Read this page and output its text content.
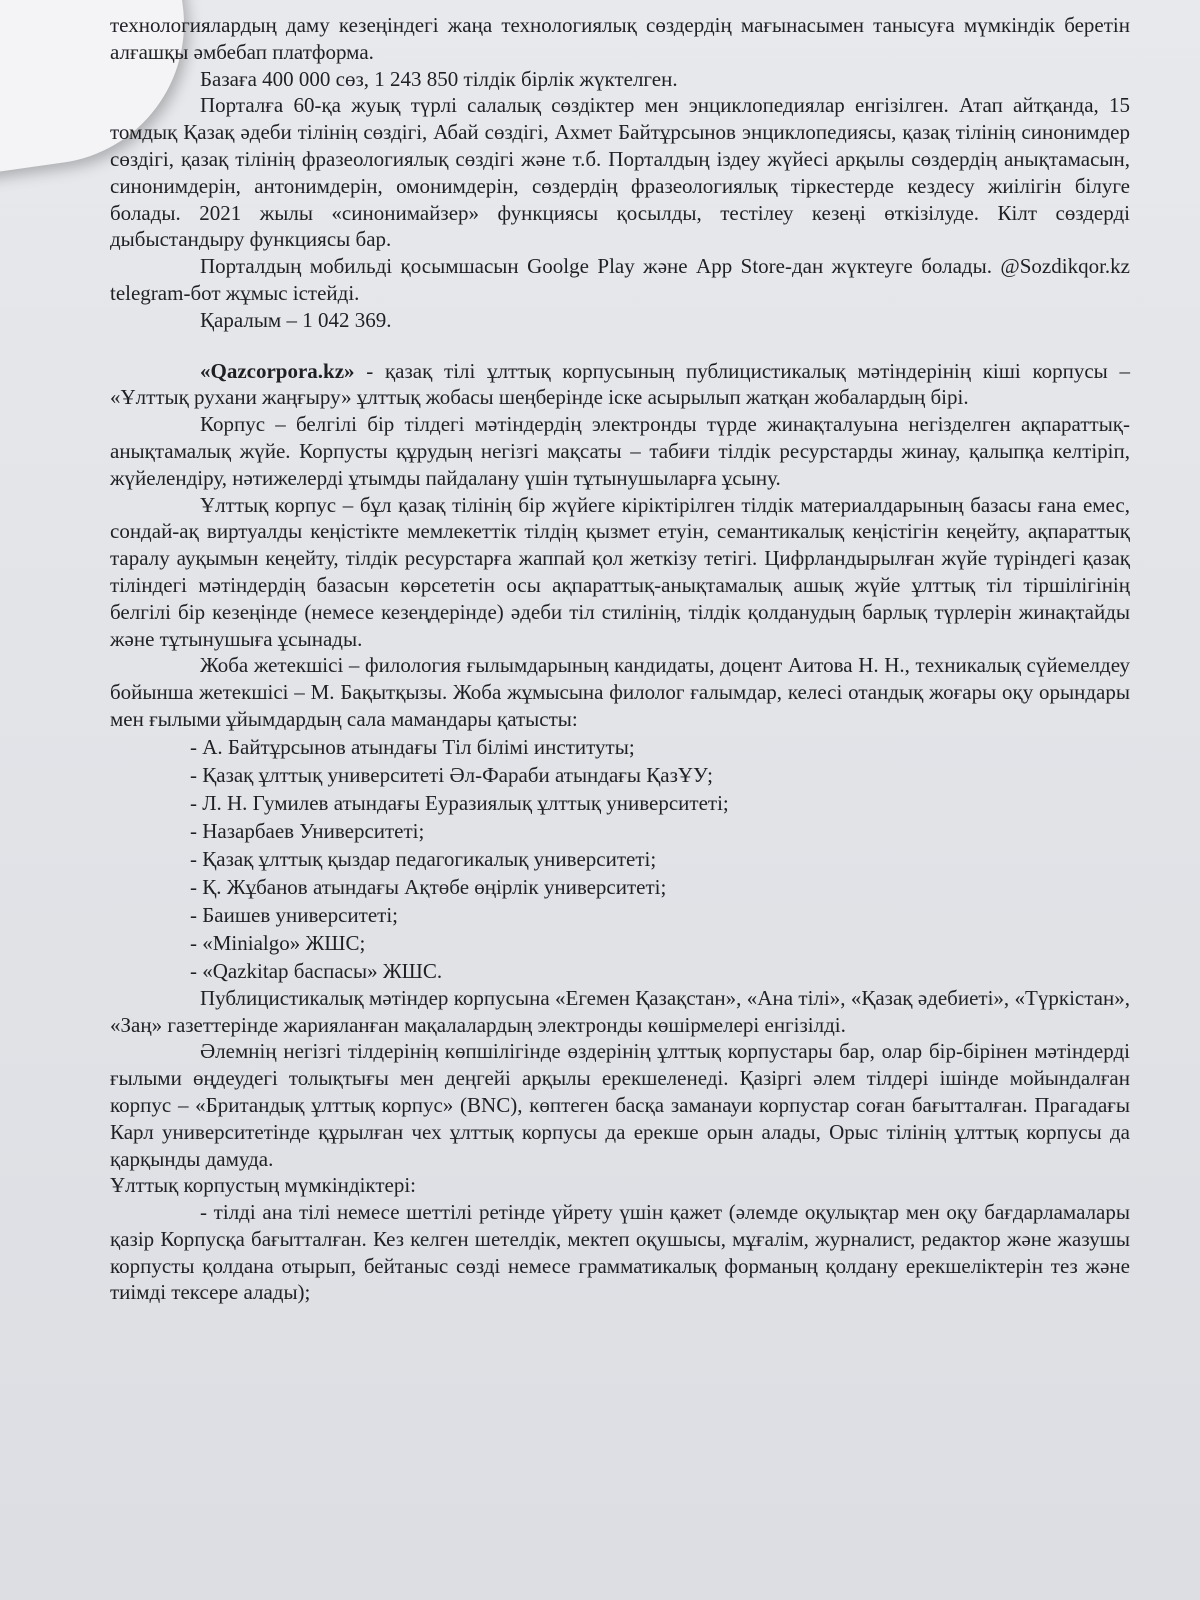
технологиялардың даму кезеңіндегі жаңа технологиялық сөздердің мағынасымен танысуға мүмкіндік беретін алғашқы әмбебап платформа.

Базаға 400 000 сөз, 1 243 850 тілдік бірлік жүктелген.

Порталға 60-қа жуық түрлі салалық сөздіктер мен энциклопедиялар енгізілген. Атап айтқанда, 15 томдық Қазақ әдеби тілінің сөздігі, Абай сөздігі, Ахмет Байтұрсынов энциклопедиясы, қазақ тілінің синонимдер сөздігі, қазақ тілінің фразеологиялық сөздігі және т.б. Порталдың іздеу жүйесі арқылы сөздердің анықтамасын, синонимдерін, антонимдерін, омонимдерін, сөздердің фразеологиялық тіркестерде кездесу жиілігін білуге болады. 2021 жылы «синонимайзер» функциясы қосылды, тестілеу кезеңі өткізілуде. Кілт сөздерді дыбыстандыру функциясы бар.

Порталдың мобильді қосымшасын Goolge Play және App Store-дан жүктеуге болады. @Sozdikqor.kz telegram-бот жұмыс істейді.

Қаралым – 1 042 369.

«Qazcorpora.kz» - қазақ тілі ұлттық корпусының публицистикалық мәтіндерінің кіші корпусы – «Ұлттық рухани жаңғыру» ұлттық жобасы шеңберінде іске асырылып жатқан жобалардың бірі.

Корпус – белгілі бір тілдегі мәтіндердің электронды түрде жинақталуына негізделген ақпараттық-анықтамалық жүйе. Корпусты құрудың негізгі мақсаты – табиғи тілдік ресурстарды жинау, қалыпқа келтіріп, жүйелендіру, нәтижелерді ұтымды пайдалану үшін тұтынушыларға ұсыну.

Ұлттық корпус – бұл қазақ тілінің бір жүйеге кіріктірілген тілдік материалдарының базасы ғана емес, сондай-ақ виртуалды кеңістікте мемлекеттік тілдің қызмет етуін, семантикалық кеңістігін кеңейту, ақпараттық таралу ауқымын кеңейту, тілдік ресурстарға жаппай қол жеткізу тетігі. Цифрландырылған жүйе түріндегі қазақ тіліндегі мәтіндердің базасын көрсететін осы ақпараттық-анықтамалық ашық жүйе ұлттық тіл тіршілігінің белгілі бір кезеңінде (немесе кезеңдерінде) әдеби тіл стилінің, тілдік қолданудың барлық түрлерін жинақтайды және тұтынушыға ұсынады.

Жоба жетекшісі – филология ғылымдарының кандидаты, доцент Аитова Н. Н., техникалық сүйемелдеу бойынша жетекшісі – М. Бақытқызы. Жоба жұмысына филолог ғалымдар, келесі отандық жоғары оқу орындары мен ғылыми ұйымдардың сала мамандары қатысты:

- А. Байтұрсынов атындағы Тіл білімі институты;
- Қазақ ұлттық университеті Әл-Фараби атындағы ҚазҰУ;
- Л. Н. Гумилев атындағы Еуразиялық ұлттық университеті;
- Назарбаев Университеті;
- Қазақ ұлттық қыздар педагогикалық университеті;
- Қ. Жұбанов атындағы Ақтөбе өңірлік университеті;
- Баишев университеті;
- «Minialgo» ЖШС;
- «Qazkitap баспасы» ЖШС.

Публицистикалық мәтіндер корпусына «Егемен Қазақстан», «Ана тілі», «Қазақ әдебиеті», «Түркістан», «Заң» газеттерінде жарияланған мақалалардың электронды көшірмелері енгізілді.

Әлемнің негізгі тілдерінің көпшілігінде өздерінің ұлттық корпустары бар, олар бір-бірінен мәтіндерді ғылыми өңдеудегі толықтығы мен деңгейі арқылы ерекшеленеді. Қазіргі әлем тілдері ішінде мойындалған корпус – «Британдық ұлттық корпус» (BNC), көптеген басқа заманауи корпустар соған бағытталған. Прагадағы Карл университетінде құрылған чех ұлттық корпусы да ерекше орын алады, Орыс тілінің ұлттық корпусы да қарқынды дамуда.

Ұлттық корпустың мүмкіндіктері:

- тілді ана тілі немесе шеттілі ретінде үйрету үшін қажет (әлемде оқулықтар мен оқу бағдарламалары қазір Корпусқа бағытталған. Кез келген шетелдік, мектеп оқушысы, мұғалім, журналист, редактор және жазушы корпусты қолдана отырып, бейтаныс сөзді немесе грамматикалық форманың қолдану ерекшеліктерін тез және тиімді тексере алады);
